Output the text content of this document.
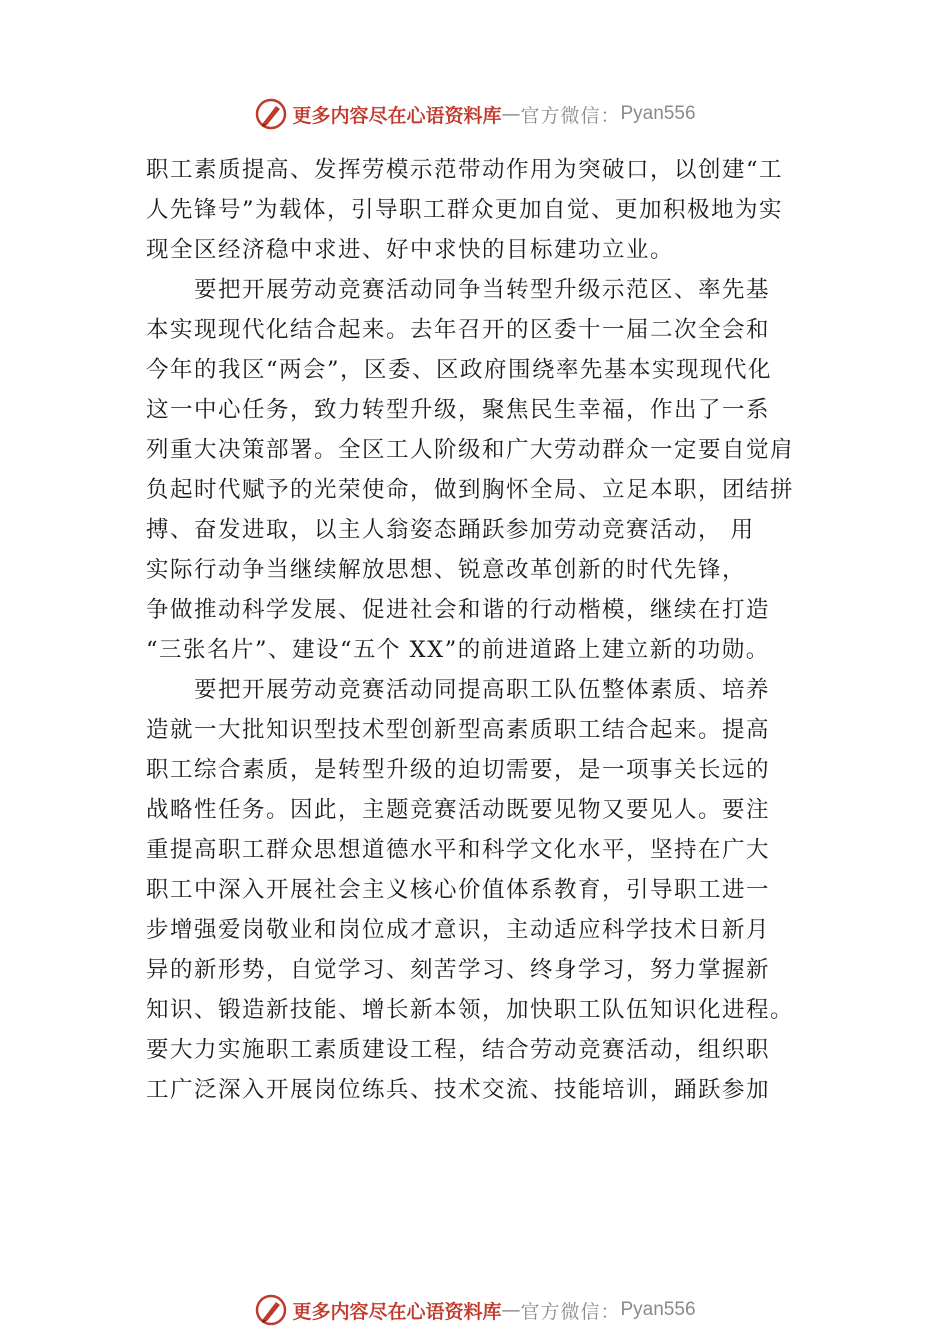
更多内容尽在心语资料库 — 官方微信： Pyan556
职工素质提高、发挥劳模示范带动作用为突破口，以创建“工
人先锋号”为载体，引导职工群众更加自觉、更加积极地为实
现全区经济稳中求进、好中求快的目标建功立业。
要把开展劳动竞赛活动同争当转型升级示范区、率先基
本实现现代化结合起来。去年召开的区委十一届二次全会和
今年的我区“两会”，区委、区政府围绕率先基本实现现代化
这一中心任务，致力转型升级，聚焦民生幸福，作出了一系
列重大决策部署。全区工人阶级和广大劳动群众一定要自觉肩
负起时代赋予的光荣使命，做到胸怀全局、立足本职，团结拼
搏、奋发进取，以主人翁姿态踊跃参加劳动竞赛活动， 用
实际行动争当继续解放思想、锐意改革创新的时代先锋，
争做推动科学发展、促进社会和谐的行动楷模，继续在打造
“三张名片”、建设“五个 XX”的前进道路上建立新的功勋。
要把开展劳动竞赛活动同提高职工队伍整体素质、培养
造就一大批知识型技术型创新型高素质职工结合起来。提高
职工综合素质，是转型升级的迫切需要，是一项事关长远的
战略性任务。因此，主题竞赛活动既要见物又要见人。要注
重提高职工群众思想道德水平和科学文化水平，坚持在广大
职工中深入开展社会主义核心价值体系教育，引导职工进一
步增强爱岗敬业和岗位成才意识，主动适应科学技术日新月
异的新形势，自觉学习、刻苦学习、终身学习，努力掌握新
知识、锻造新技能、增长新本领，加快职工队伍知识化进程。
要大力实施职工素质建设工程，结合劳动竞赛活动，组织职
工广泛深入开展岗位练兵、技术交流、技能培训，踊跃参加
更多内容尽在心语资料库 — 官方微信： Pyan556
